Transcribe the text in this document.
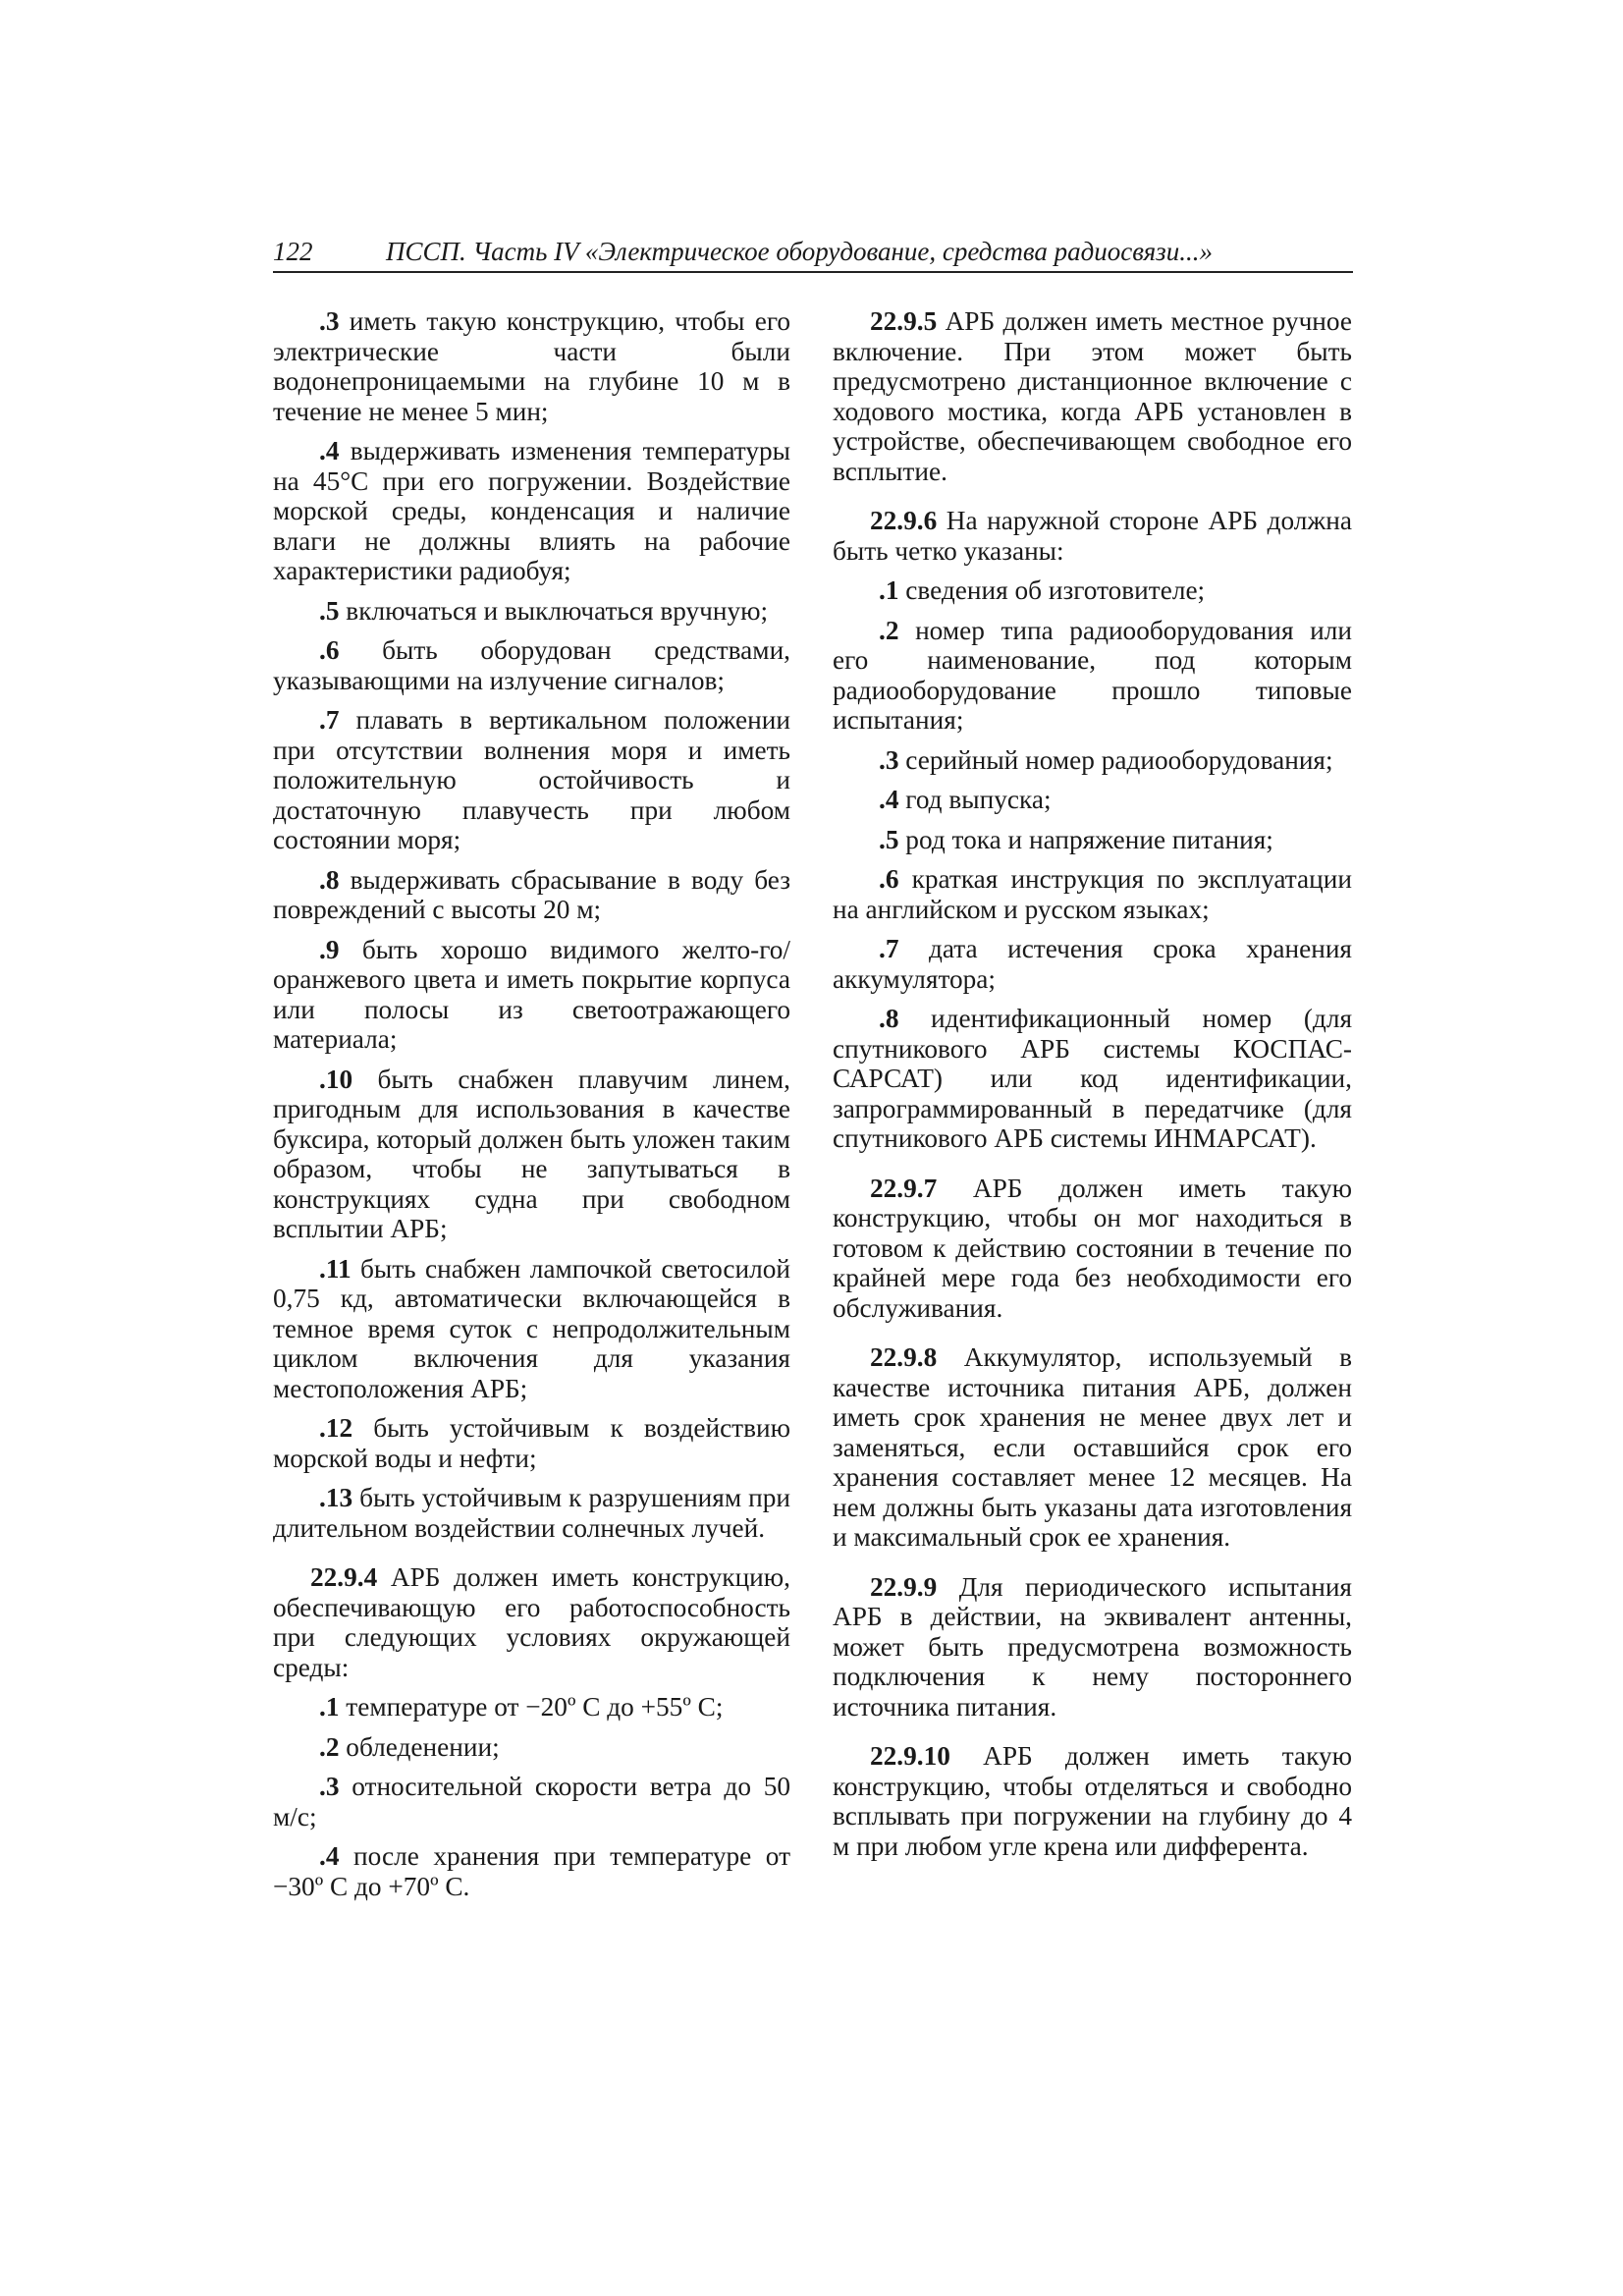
122	ПССП. Часть IV «Электрическое оборудование, средства радиосвязи...»

.3 иметь такую конструкцию, чтобы его электрические части были водонепроницаемыми на глубине 10 м в течение не менее 5 мин;

.4 выдерживать изменения температуры на 45°С при его погружении. Воздействие морской среды, конденсация и наличие влаги не должны влиять на рабочие характеристики радиобуя;

.5 включаться и выключаться вручную;

.6 быть оборудован средствами, указывающими на излучение сигналов;

.7 плавать в вертикальном положении при отсутствии волнения моря и иметь положительную остойчивость и достаточную плавучесть при любом состоянии моря;

.8 выдерживать сбрасывание в воду без повреждений с высоты 20 м;

.9 быть хорошо видимого желто-го/оранжевого цвета и иметь покрытие корпуса или полосы из светоотражающего материала;

.10 быть снабжен плавучим линем, пригодным для использования в качестве буксира, который должен быть уложен таким образом, чтобы не запутываться в конструкциях судна при свободном всплытии АРБ;

.11 быть снабжен лампочкой светосилой 0,75 кд, автоматически включающейся в темное время суток с непродолжительным циклом включения для указания местоположения АРБ;

.12 быть устойчивым к воздействию морской воды и нефти;

.13 быть устойчивым к разрушениям при длительном воздействии солнечных лучей.

22.9.4 АРБ должен иметь конструкцию, обеспечивающую его работоспособность при следующих условиях окружающей среды:

.1 температуре от −20º С до +55º С;

.2 обледенении;

.3 относительной скорости ветра до 50 м/с;

.4 после хранения при температуре от −30º С до +70º С.

22.9.5 АРБ должен иметь местное ручное включение. При этом может быть предусмотрено дистанционное включение с ходового мостика, когда АРБ установлен в устройстве, обеспечивающем свободное его всплытие.

22.9.6 На наружной стороне АРБ должна быть четко указаны:

.1 сведения об изготовителе;

.2 номер типа радиооборудования или его наименование, под которым радиооборудование прошло типовые испытания;

.3 серийный номер радиооборудования;

.4 год выпуска;

.5 род тока и напряжение питания;

.6 краткая инструкция по эксплуатации на английском и русском языках;

.7 дата истечения срока хранения аккумулятора;

.8 идентификационный номер (для спутникового АРБ системы КОСПАС-САРСАТ) или код идентификации, запрограммированный в передатчике (для спутникового АРБ системы ИНМАРСАТ).

22.9.7 АРБ должен иметь такую конструкцию, чтобы он мог находиться в готовом к действию состоянии в течение по крайней мере года без необходимости его обслуживания.

22.9.8 Аккумулятор, используемый в качестве источника питания АРБ, должен иметь срок хранения не менее двух лет и заменяться, если оставшийся срок его хранения составляет менее 12 месяцев. На нем должны быть указаны дата изготовления и максимальный срок ее хранения.

22.9.9 Для периодического испытания АРБ в действии, на эквивалент антенны, может быть предусмотрена возможность подключения к нему постороннего источника питания.

22.9.10 АРБ должен иметь такую конструкцию, чтобы отделяться и свободно всплывать при погружении на глубину до 4 м при любом угле крена или дифферента.
